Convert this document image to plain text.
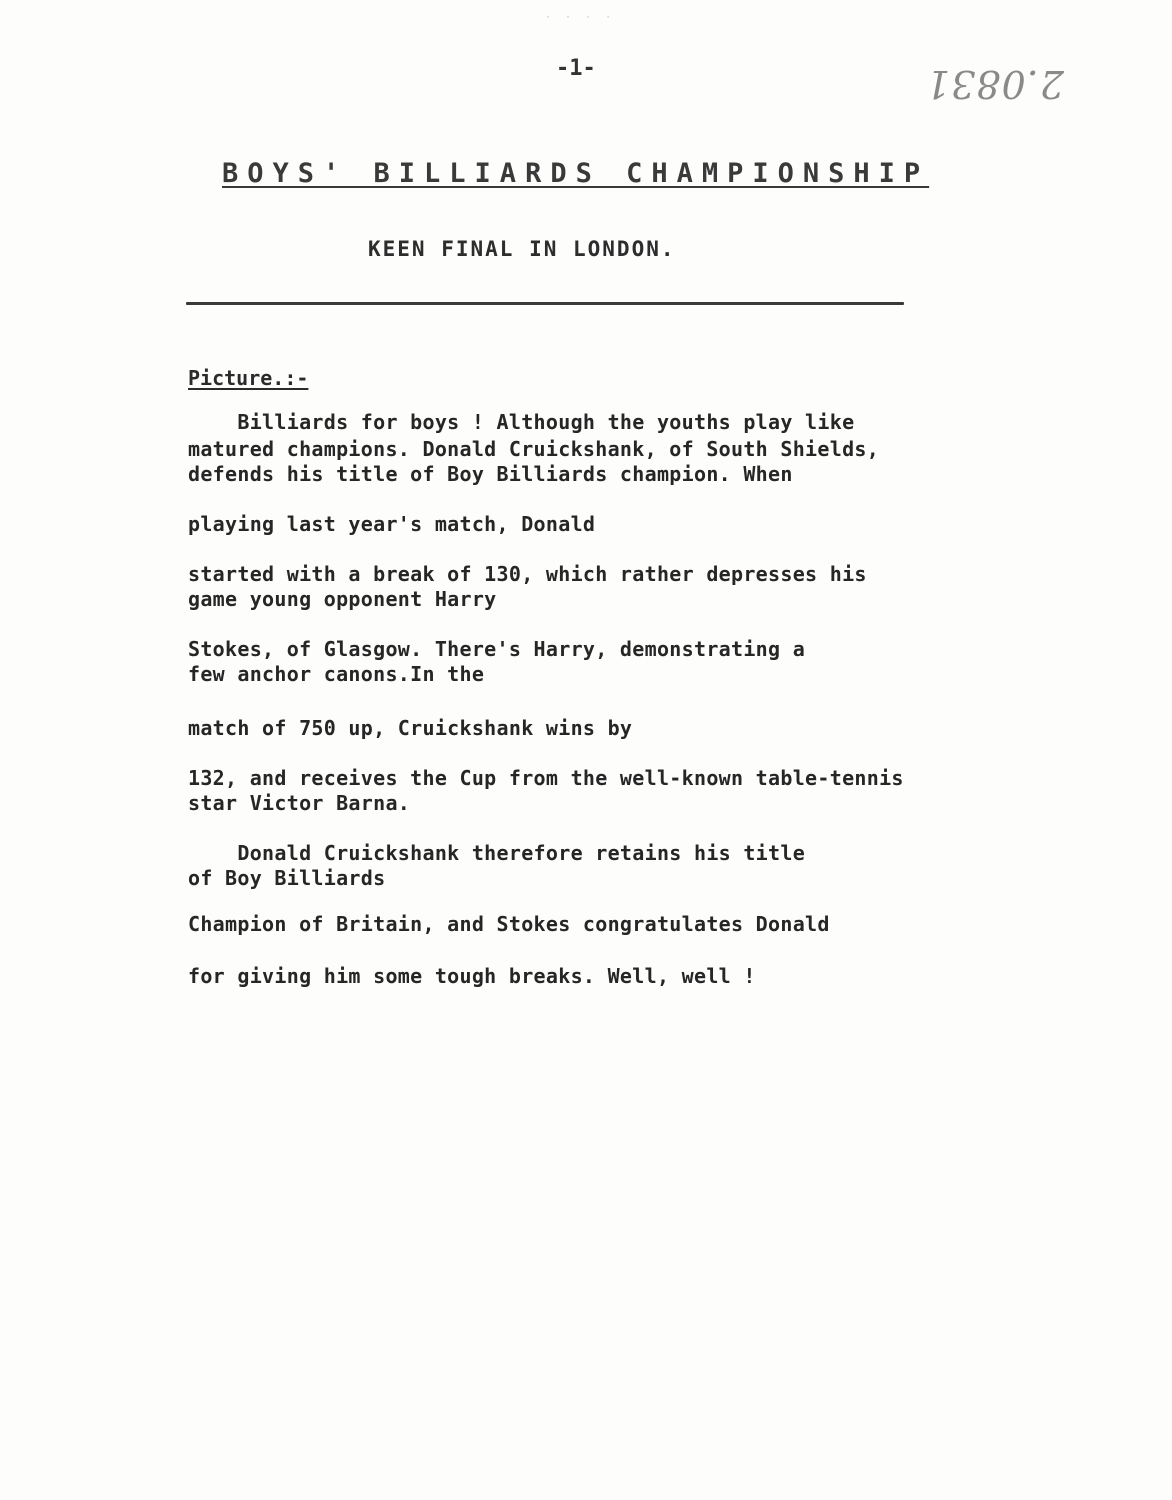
· · · ·
-1-	2.0831
BOYS' BILLIARDS CHAMPIONSHIP
KEEN FINAL IN LONDON.
Picture.:-
Billiards for boys ! Although the youths play like
matured champions. Donald Cruickshank, of South Shields,
defends his title of Boy Billiards champion. When
playing last year's match, Donald
started with a break of 130, which rather depresses his
game young opponent Harry
Stokes, of Glasgow. There's Harry, demonstrating a
few anchor canons.In the
match of 750 up, Cruickshank wins by
132, and receives the Cup from the well-known table-tennis
star Victor Barna.
Donald Cruickshank therefore retains his title
of Boy Billiards
Champion of Britain, and Stokes congratulates Donald
for giving him some tough breaks. Well, well !
